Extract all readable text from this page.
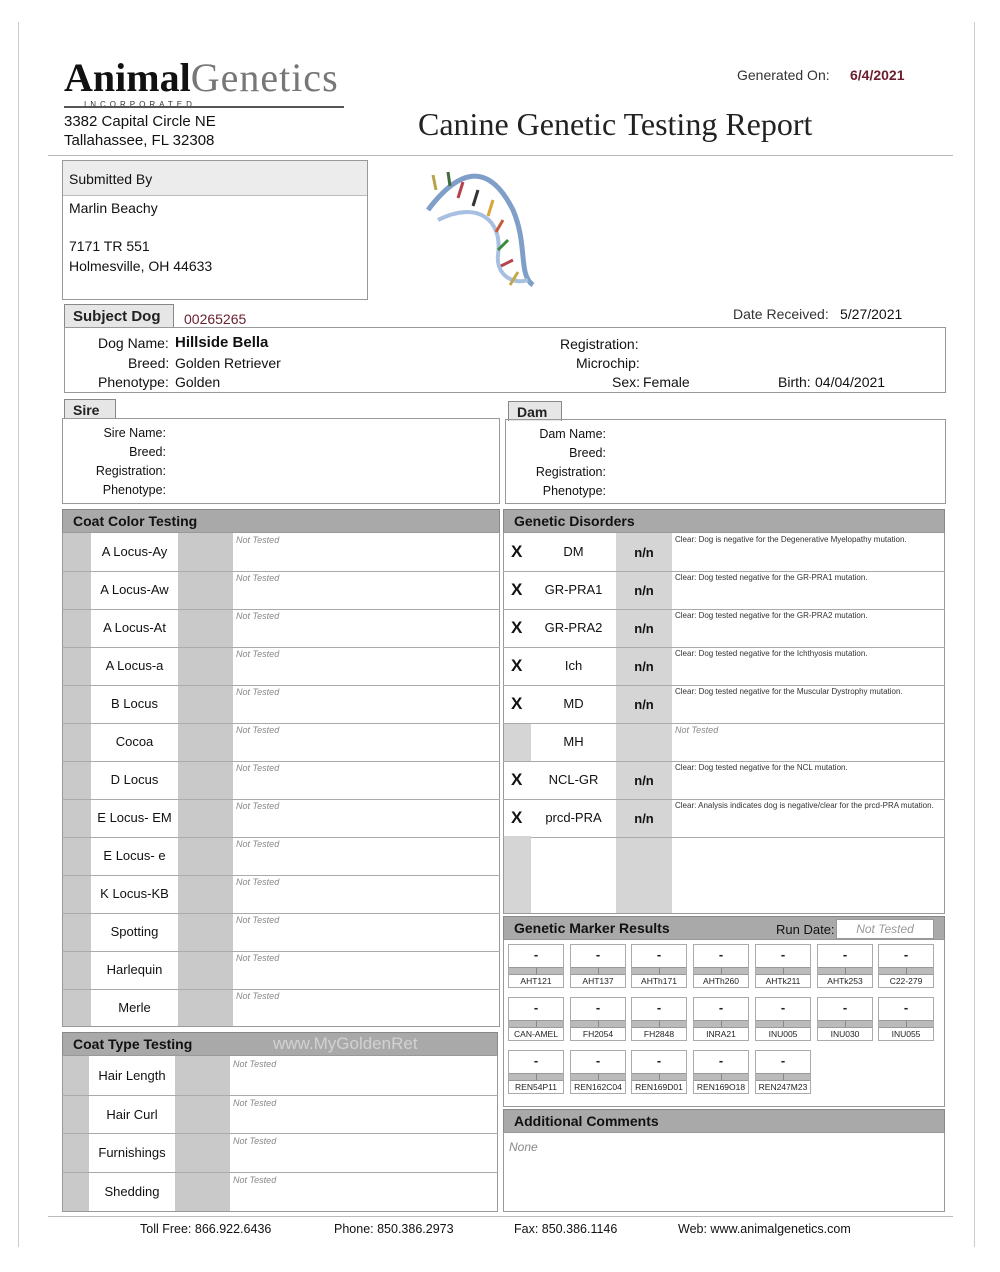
AnimalGenetics
INCORPORATED
3382 Capital Circle NE
Tallahassee, FL 32308
Generated On: 6/4/2021
Canine Genetic Testing Report
Submitted By
Marlin Beachy
7171 TR 551
Holmesville, OH 44633
Subject Dog	00265265	Date Received: 5/27/2021
Dog Name: Hillside Bella
Breed: Golden Retriever
Phenotype: Golden
Registration:
Microchip:
Sex: Female	Birth: 04/04/2021
Sire
Sire Name:
Breed:
Registration:
Phenotype:
Dam
Dam Name:
Breed:
Registration:
Phenotype:
Coat Color Testing
A Locus-Ay
Not Tested
A Locus-Aw
Not Tested
A Locus-At
Not Tested
A Locus-a
Not Tested
B Locus
Not Tested
Cocoa
Not Tested
D Locus
Not Tested
E Locus- EM
Not Tested
E Locus- e
Not Tested
K Locus-KB
Not Tested
Spotting
Not Tested
Harlequin
Not Tested
Merle
Not Tested
Coat Type Testing	www.MyGoldenRet
Hair Length
Not Tested
Hair Curl
Not Tested
Furnishings
Not Tested
Shedding
Not Tested
Genetic Disorders
X	DM	n/n
Clear: Dog is negative for the Degenerative Myelopathy mutation.
X	GR-PRA1	n/n
Clear: Dog tested negative for the GR-PRA1 mutation.
X	GR-PRA2	n/n
Clear: Dog tested negative for the GR-PRA2 mutation.
X	Ich	n/n
Clear: Dog tested negative for the Ichthyosis mutation.
X	MD	n/n
Clear: Dog tested negative for the Muscular Dystrophy mutation.
MH
Not Tested
X	NCL-GR	n/n
Clear: Dog tested negative for the NCL mutation.
X	prcd-PRA	n/n
Clear: Analysis indicates dog is negative/clear for the prcd-PRA mutation.
Genetic Marker Results	Run Date:	Not Tested
-
AHT121
-
AHT137
-
AHTh171
-
AHTh260
-
AHTk211
-
AHTk253
-
C22-279
-
CAN-AMEL
-
FH2054
-
FH2848
-
INRA21
-
INU005
-
INU030
-
INU055
-
REN54P11
-
REN162C04
-
REN169D01
-
REN169O18
-
REN247M23
Additional Comments
None
Toll Free: 866.922.6436	Phone: 850.386.2973	Fax: 850.386.1146	Web: www.animalgenetics.com
